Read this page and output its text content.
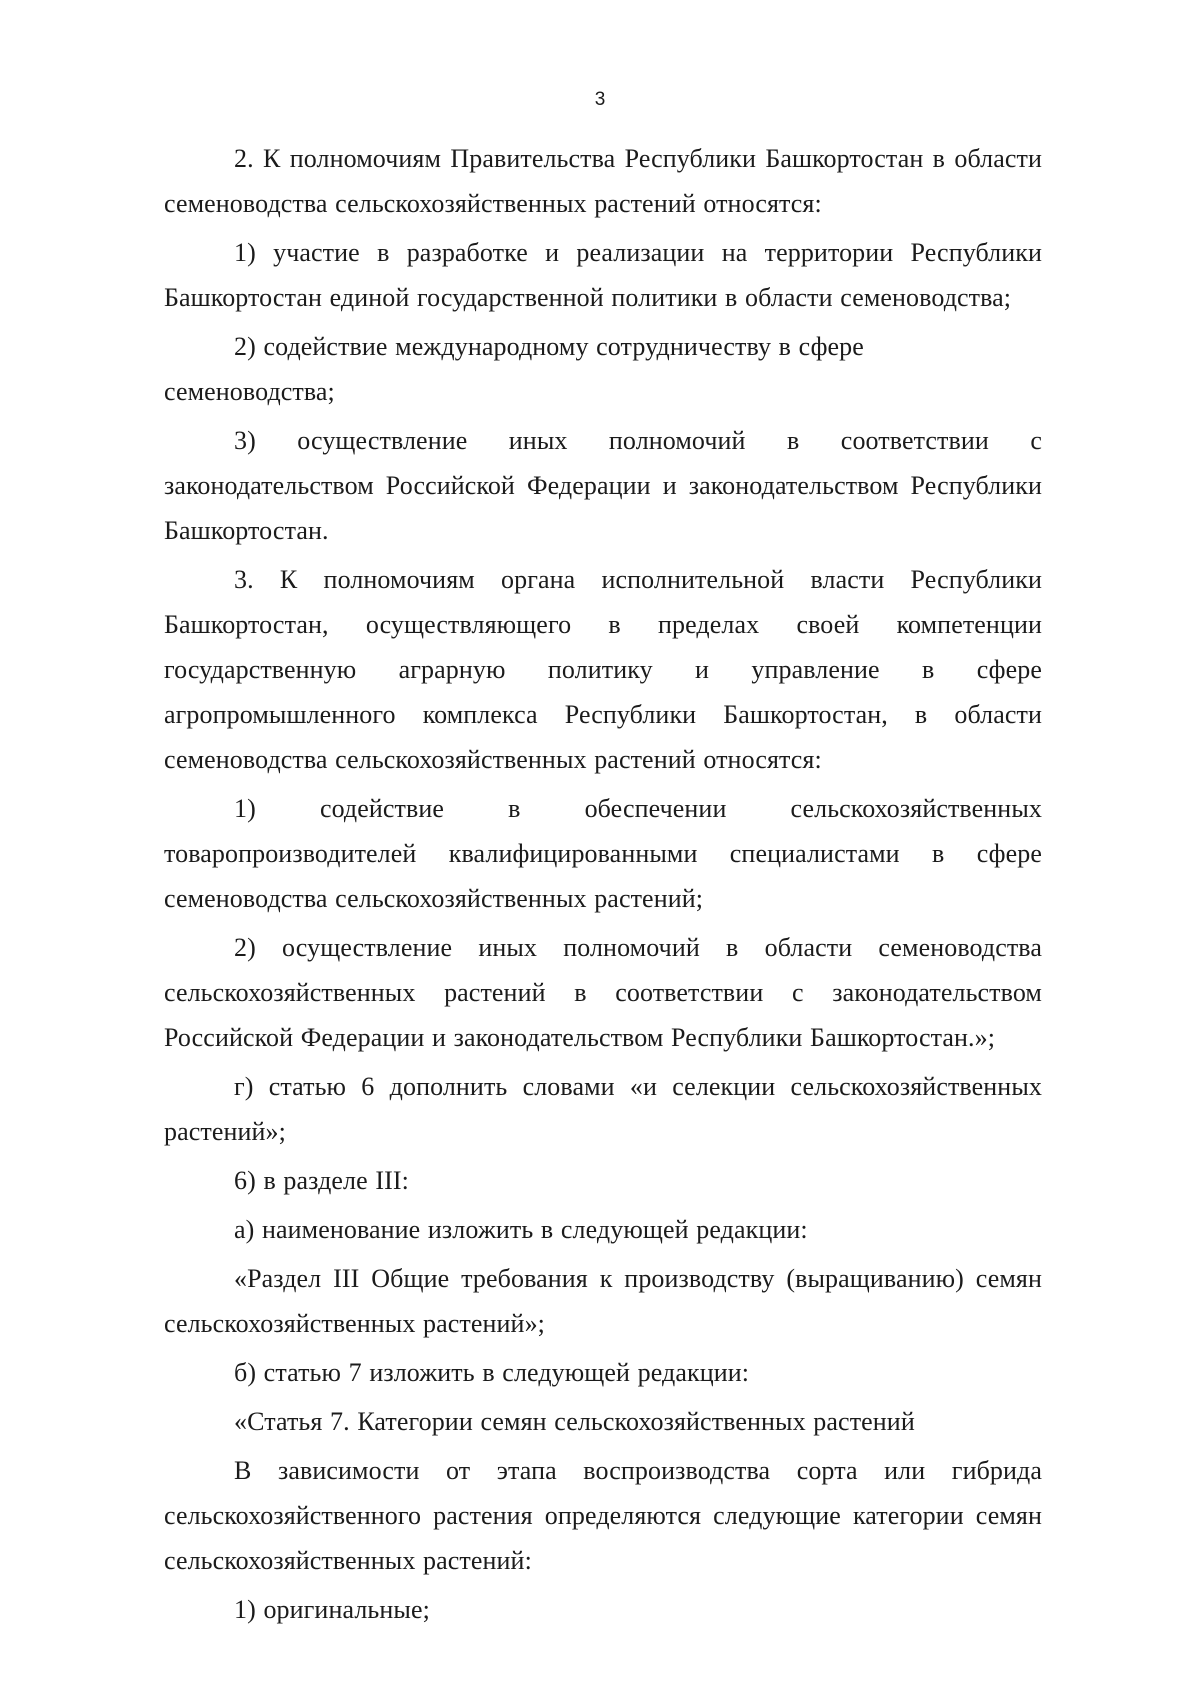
3

2. К полномочиям Правительства Республики Башкортостан в области семеноводства сельскохозяйственных растений относятся:

1) участие в разработке и реализации на территории Республики Башкортостан единой государственной политики в области семеноводства;

2) содействие международному сотрудничеству в сфере семеноводства;

3) осуществление иных полномочий в соответствии с законодательством Российской Федерации и законодательством Республики Башкортостан.

3. К полномочиям органа исполнительной власти Республики Башкортостан, осуществляющего в пределах своей компетенции государственную аграрную политику и управление в сфере агропромышленного комплекса Республики Башкортостан, в области семеноводства сельскохозяйственных растений относятся:

1) содействие в обеспечении сельскохозяйственных товаропроизводителей квалифицированными специалистами в сфере семеноводства сельскохозяйственных растений;

2) осуществление иных полномочий в области семеноводства сельскохозяйственных растений в соответствии с законодательством Российской Федерации и законодательством Республики Башкортостан.»;

г) статью 6 дополнить словами «и селекции сельскохозяйственных растений»;

6) в разделе III:

а) наименование изложить в следующей редакции:

«Раздел III Общие требования к производству (выращиванию) семян сельскохозяйственных растений»;

б) статью 7 изложить в следующей редакции:

«Статья 7. Категории семян сельскохозяйственных растений

В зависимости от этапа воспроизводства сорта или гибрида сельскохозяйственного растения определяются следующие категории семян сельскохозяйственных растений:

1) оригинальные;
